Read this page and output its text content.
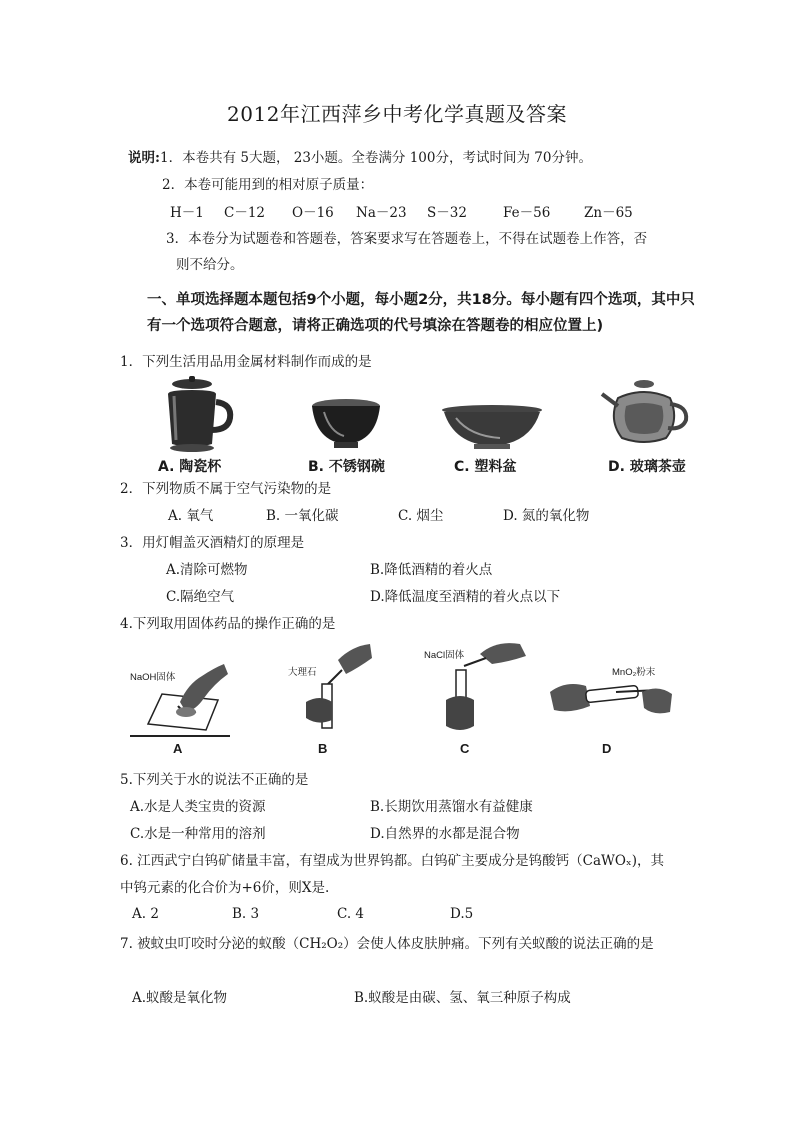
2012年江西萍乡中考化学真题及答案
说明:1．本卷共有 5大题， 23小题。全卷满分 100分，考试时间为 70分钟。
2．本卷可能用到的相对原子质量：
H－1 C－12 O－16 Na－23 S－32	Fe－56 Zn－65
3．本卷分为试题卷和答题卷，答案要求写在答题卷上，不得在试题卷上作答，否
则不给分。
一、单项选择题本题包括9个小题，每小题2分，共18分。每小题有四个选项，其中只
有一个选项符合题意，请将正确选项的代号填涂在答题卷的相应位置上)
1．下列生活用品用金属材料制作而成的是
A. 陶瓷杯	B. 不锈钢碗	C. 塑料盆	D. 玻璃茶壶
2．下列物质不属于空气污染物的是
A. 氧气	B. 一氧化碳	C. 烟尘	D. 氮的氧化物
3．用灯帽盖灭酒精灯的原理是
A.清除可燃物	B.降低酒精的着火点
C.隔绝空气	D.降低温度至酒精的着火点以下
4.下列取用固体药品的操作正确的是
NaOH固体
A
大理石
B
NaCl固体
C
MnO₂粉末
D
5.下列关于水的说法不正确的是
A.水是人类宝贵的资源	B.长期饮用蒸馏水有益健康
C.水是一种常用的溶剂	D.自然界的水都是混合物
6. 江西武宁白钨矿储量丰富，有望成为世界钨都。白钨矿主要成分是钨酸钙（CaWOₓ)，其
中钨元素的化合价为+6价，则X是.
A. 2	B. 3	C. 4	D.5
7. 被蚊虫叮咬时分泌的蚁酸（CH₂O₂）会使人体皮肤肿痛。下列有关蚁酸的说法正确的是
A.蚁酸是氧化物	B.蚁酸是由碳、氢、氧三种原子构成
